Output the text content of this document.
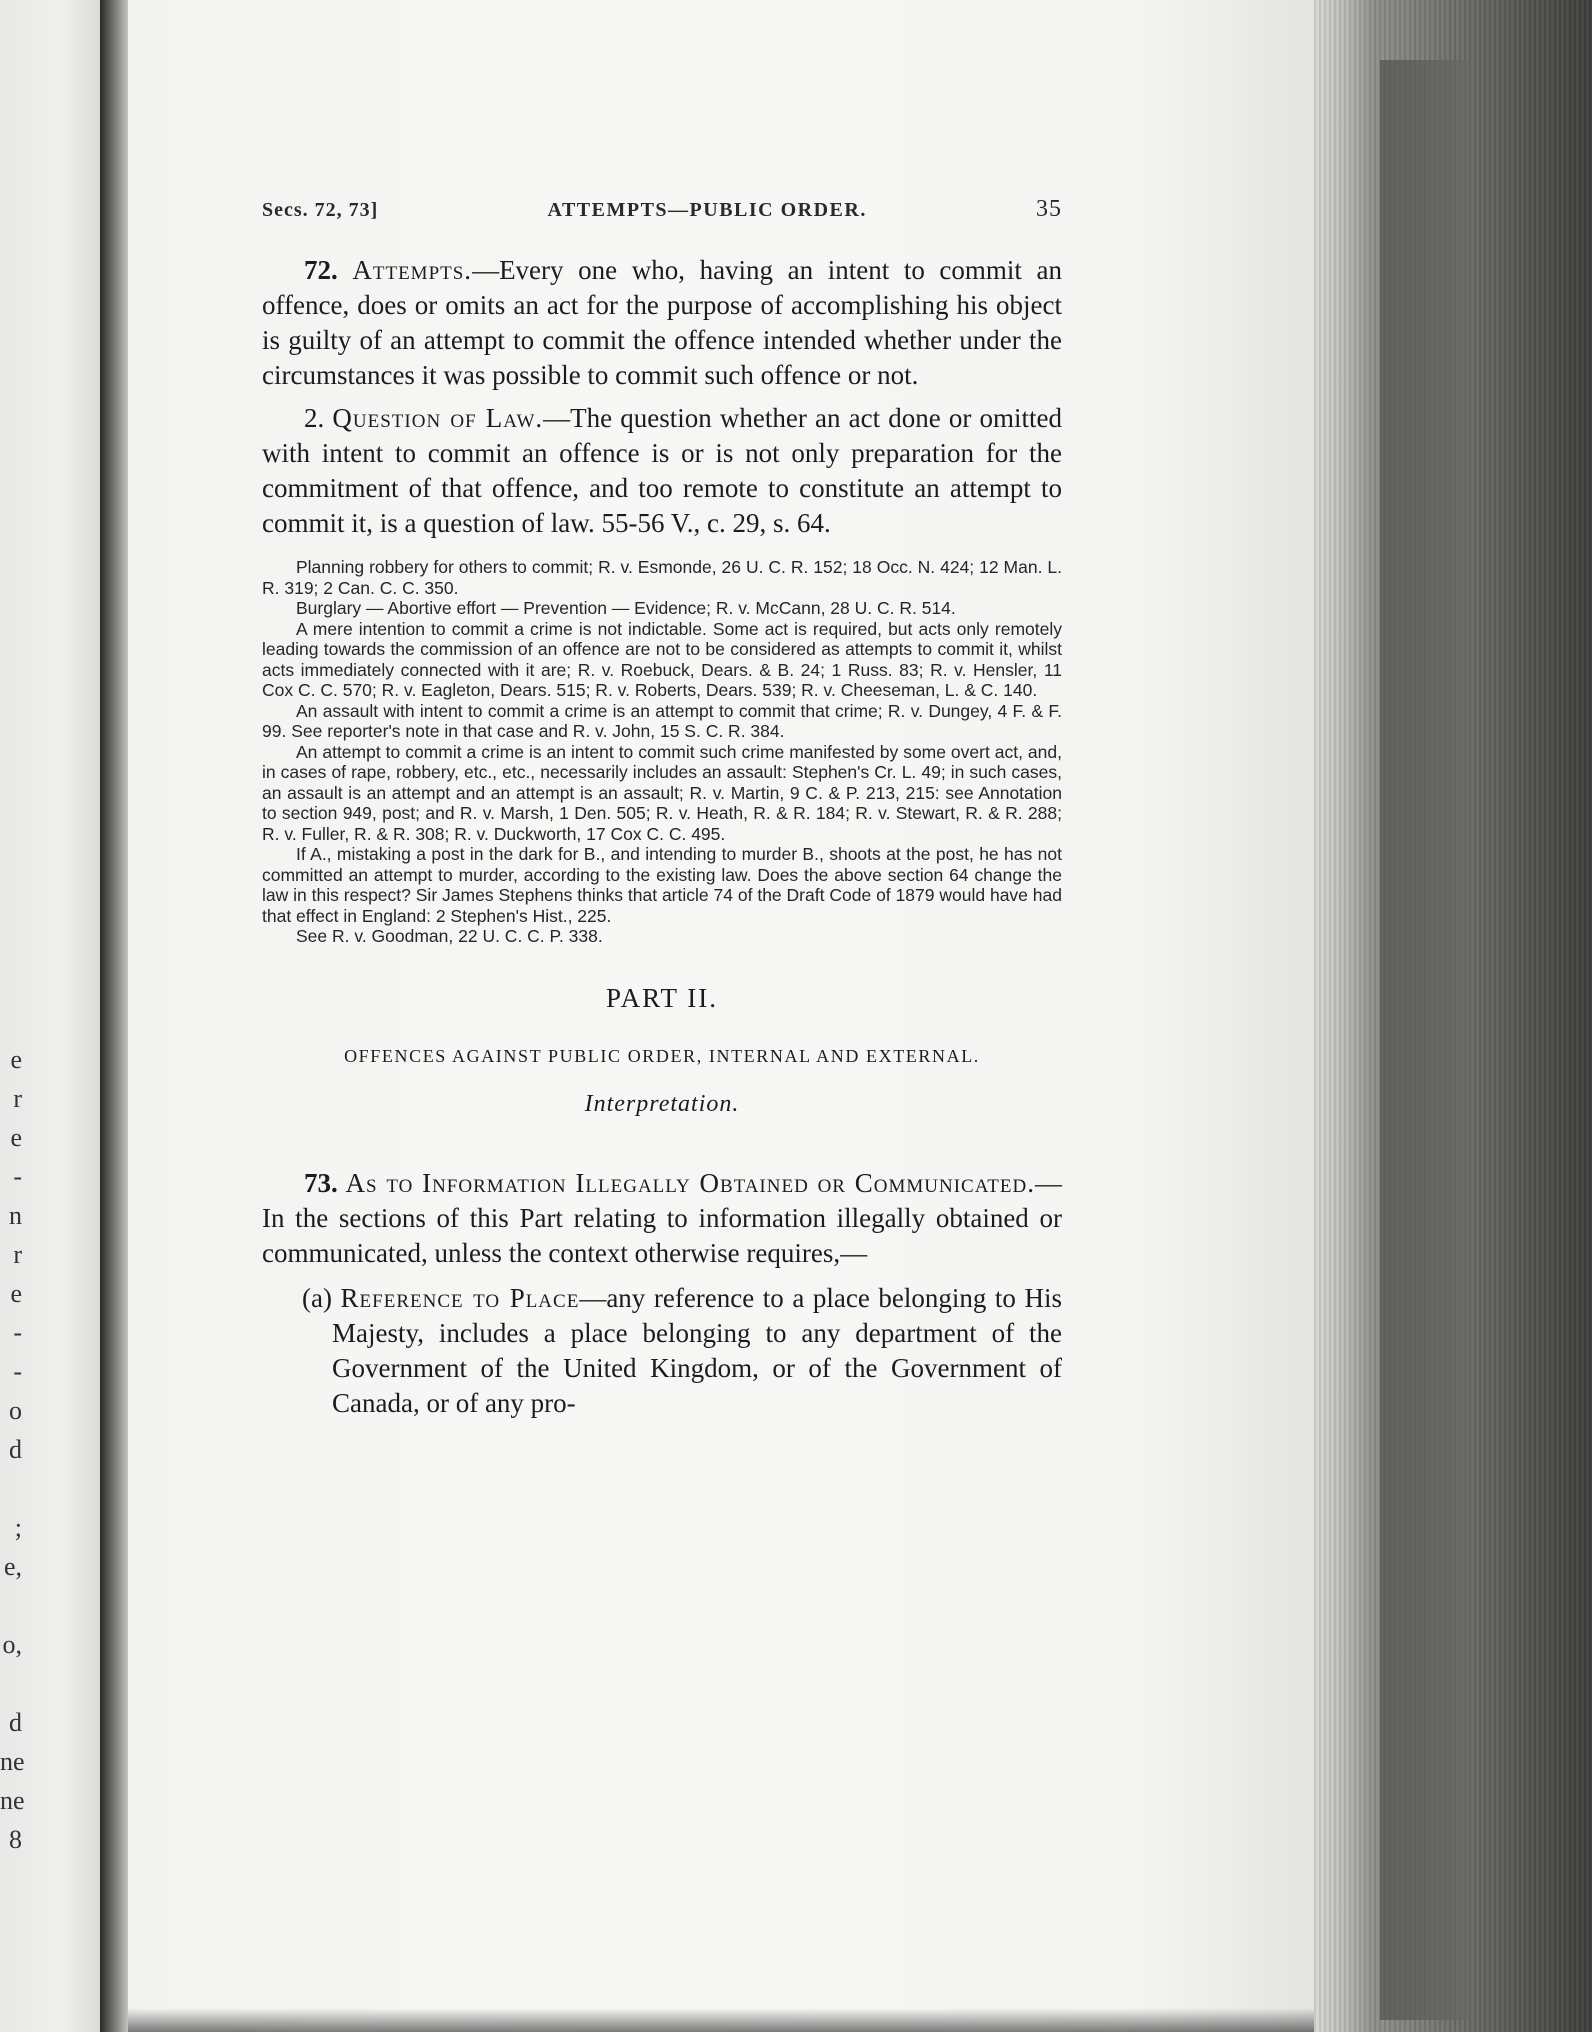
e
r
e
-
n
r
e
-
-
o
d

;
e,

o,

d
ne
ne
8
Secs. 72, 73]	ATTEMPTS—PUBLIC ORDER.	35

72. Attempts.—Every one who, having an intent to commit an offence, does or omits an act for the purpose of accomplishing his object is guilty of an attempt to commit the offence intended whether under the circumstances it was possible to commit such offence or not.

2. Question of Law.—The question whether an act done or omitted with intent to commit an offence is or is not only preparation for the commitment of that offence, and too remote to constitute an attempt to commit it, is a question of law. 55-56 V., c. 29, s. 64.

Planning robbery for others to commit; R. v. Esmonde, 26 U. C. R. 152; 18 Occ. N. 424; 12 Man. L. R. 319; 2 Can. C. C. 350.

Burglary — Abortive effort — Prevention — Evidence; R. v. McCann, 28 U. C. R. 514.

A mere intention to commit a crime is not indictable. Some act is required, but acts only remotely leading towards the commission of an offence are not to be considered as attempts to commit it, whilst acts immediately connected with it are; R. v. Roebuck, Dears. & B. 24; 1 Russ. 83; R. v. Hensler, 11 Cox C. C. 570; R. v. Eagleton, Dears. 515; R. v. Roberts, Dears. 539; R. v. Cheeseman, L. & C. 140.

An assault with intent to commit a crime is an attempt to commit that crime; R. v. Dungey, 4 F. & F. 99. See reporter's note in that case and R. v. John, 15 S. C. R. 384.

An attempt to commit a crime is an intent to commit such crime manifested by some overt act, and, in cases of rape, robbery, etc., etc., necessarily includes an assault: Stephen's Cr. L. 49; in such cases, an assault is an attempt and an attempt is an assault; R. v. Martin, 9 C. & P. 213, 215: see Annotation to section 949, post; and R. v. Marsh, 1 Den. 505; R. v. Heath, R. & R. 184; R. v. Stewart, R. & R. 288; R. v. Fuller, R. & R. 308; R. v. Duckworth, 17 Cox C. C. 495.

If A., mistaking a post in the dark for B., and intending to murder B., shoots at the post, he has not committed an attempt to murder, according to the existing law. Does the above section 64 change the law in this respect? Sir James Stephens thinks that article 74 of the Draft Code of 1879 would have had that effect in England: 2 Stephen's Hist., 225.

See R. v. Goodman, 22 U. C. C. P. 338.

PART II.
OFFENCES AGAINST PUBLIC ORDER, INTERNAL AND EXTERNAL.
Interpretation.

73. As to Information Illegally Obtained or Communicated.—In the sections of this Part relating to information illegally obtained or communicated, unless the context otherwise requires,—

(a) Reference to Place—any reference to a place belonging to His Majesty, includes a place belonging to any department of the Government of the United Kingdom, or of the Government of Canada, or of any pro-
